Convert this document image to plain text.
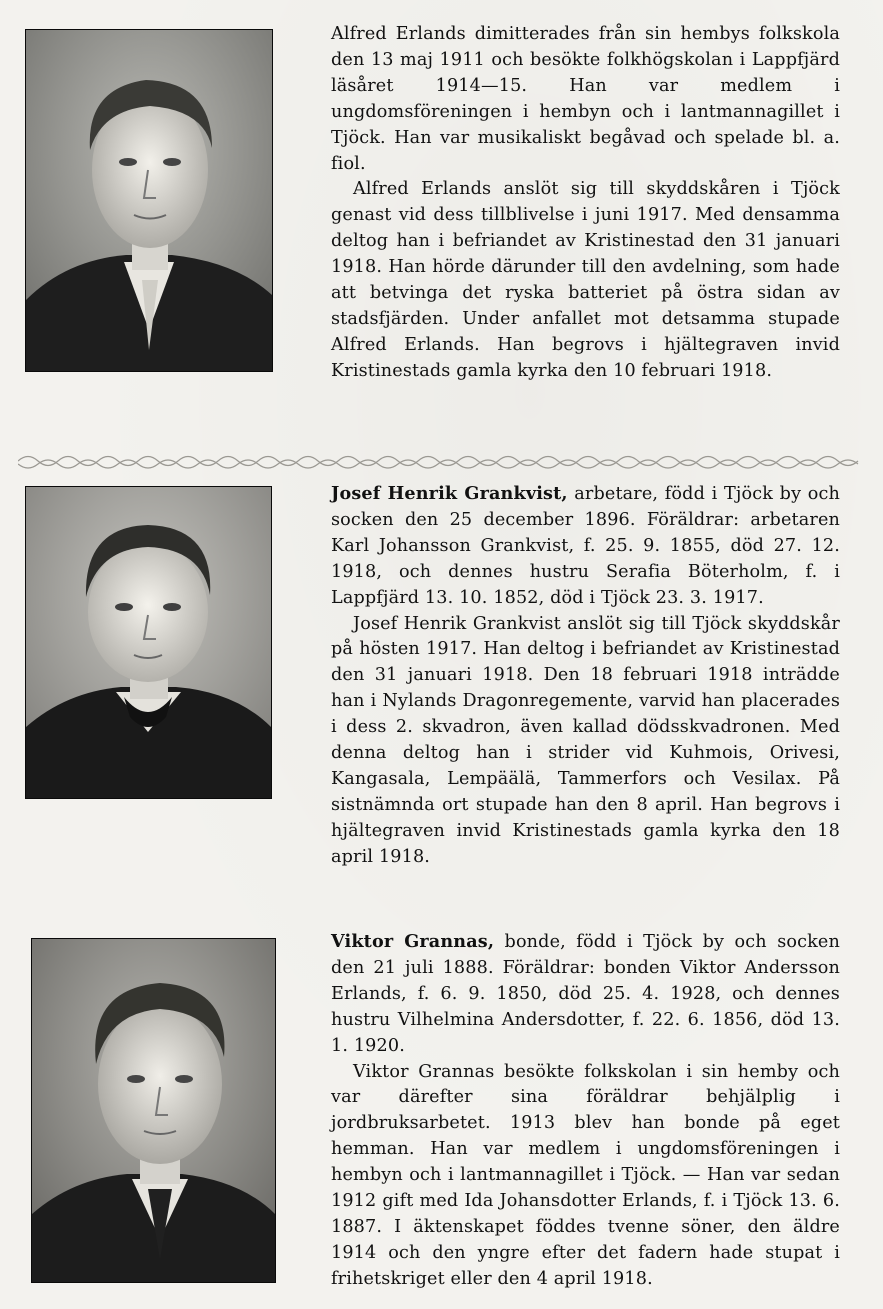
Alfred Erlands dimitterades från sin hembys folkskola den 13 maj 1911 och besökte folkhögskolan i Lappfjärd läsåret 1914—15. Han var medlem i ungdomsföreningen i hembyn och i lantmannagillet i Tjöck. Han var musikaliskt begåvad och spelade bl. a. fiol.

Alfred Erlands anslöt sig till skyddskåren i Tjöck genast vid dess tillblivelse i juni 1917. Med densamma deltog han i befriandet av Kristinestad den 31 januari 1918. Han hörde därunder till den avdelning, som hade att betvinga det ryska batteriet på östra sidan av stadsfjärden. Under anfallet mot detsamma stupade Alfred Erlands. Han begrovs i hjältegraven invid Kristinestads gamla kyrka den 10 februari 1918.

Josef Henrik Grankvist, arbetare, född i Tjöck by och socken den 25 december 1896. Föräldrar: arbetaren Karl Johansson Grankvist, f. 25. 9. 1855, död 27. 12. 1918, och dennes hustru Serafia Böterholm, f. i Lappfjärd 13. 10. 1852, död i Tjöck 23. 3. 1917.

Josef Henrik Grankvist anslöt sig till Tjöck skyddskår på hösten 1917. Han deltog i befriandet av Kristinestad den 31 januari 1918. Den 18 februari 1918 inträdde han i Nylands Dragonregemente, varvid han placerades i dess 2. skvadron, även kallad dödsskvadronen. Med denna deltog han i strider vid Kuhmois, Orivesi, Kangasala, Lempäälä, Tammerfors och Vesilax. På sistnämnda ort stupade han den 8 april. Han begrovs i hjältegraven invid Kristinestads gamla kyrka den 18 april 1918.

Viktor Grannas, bonde, född i Tjöck by och socken den 21 juli 1888. Föräldrar: bonden Viktor Andersson Erlands, f. 6. 9. 1850, död 25. 4. 1928, och dennes hustru Vilhelmina Andersdotter, f. 22. 6. 1856, död 13. 1. 1920.

Viktor Grannas besökte folkskolan i sin hemby och var därefter sina föräldrar behjälplig i jordbruksarbetet. 1913 blev han bonde på eget hemman. Han var medlem i ungdomsföreningen i hembyn och i lantmannagillet i Tjöck. — Han var sedan 1912 gift med Ida Johansdotter Erlands, f. i Tjöck 13. 6. 1887. I äktenskapet föddes tvenne söner, den äldre 1914 och den yngre efter det fadern hade stupat i frihetskriget eller den 4 april 1918.
